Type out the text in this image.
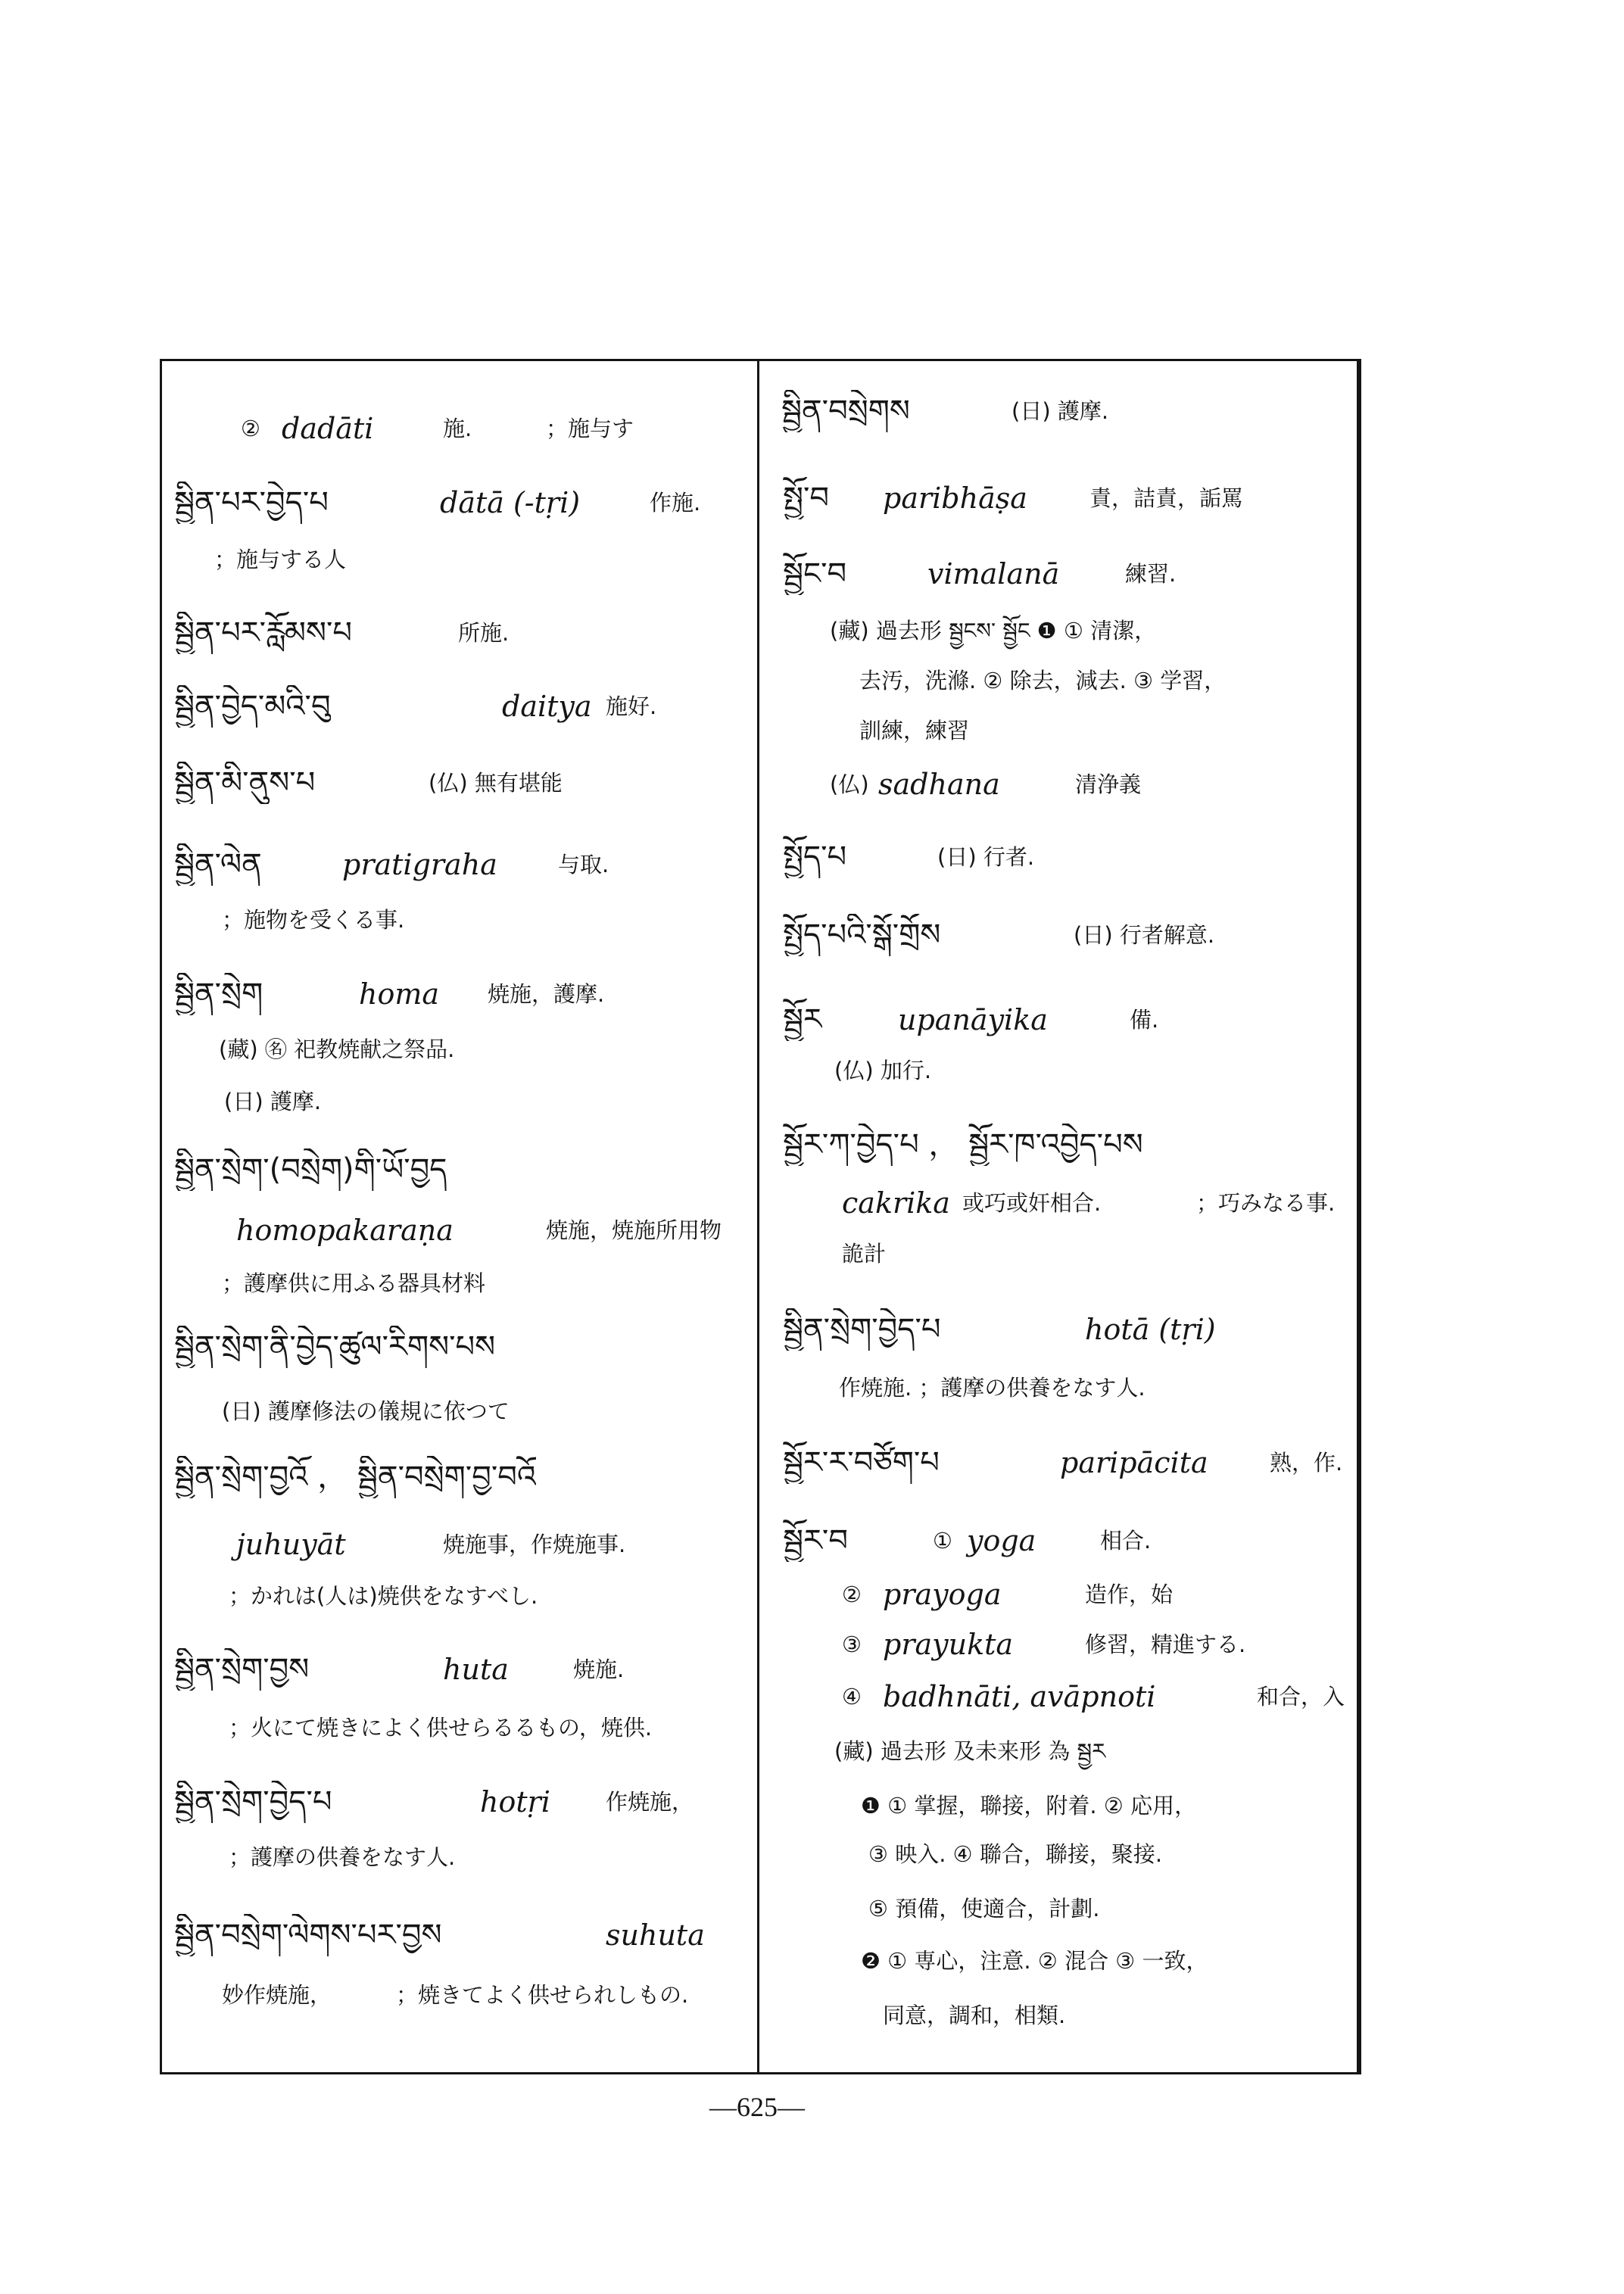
② dadāti	施.	；施与す
སྦྱིན་པར་བྱེད་པ	dātā (-tṛi)	作施.
；施与する人
སྦྱིན་པར་རློམས་པ	所施.
སྦྱིན་བྱེད་མའི་བུ	daitya 施好.
སྦྱིན་མི་ནུས་པ	(仏) 無有堪能
སྦྱིན་ལེན	pratigraha	与取.
；施物を受くる事.
སྦྱིན་སྲེག	homa 焼施，護摩.
(藏) ㊔ 祀教焼献之祭品.
(日) 護摩.
སྦྱིན་སྲེག་(བསྲེག)གི་ཡོ་བྱད
homopakaraṇa	焼施，焼施所用物
；護摩供に用ふる器具材料
སྦྱིན་སྲེག་ནི་བྱེད་ཚུལ་རིགས་པས
(日) 護摩修法の儀規に依つて
སྦྱིན་སྲེག་བྱའོ ， སྦྱིན་བསྲེག་བྱ་བའོ
juhuyāt	焼施事，作焼施事.
；かれは(人は)焼供をなすべし.
སྦྱིན་སྲེག་བྱས	huta	焼施.
；火にて焼きによく供せらるるもの，焼供.
སྦྱིན་སྲེག་བྱེད་པ	hotṛi	作焼施，
；護摩の供養をなす人.
སྦྱིན་བསྲེག་ལེགས་པར་བྱས	suhuta
妙作焼施，	；焼きてよく供せられしもの.
སྦྱིན་བསྲེགས	(日) 護摩.
སྤྱོ་བ paribhāṣa	責，詰責，詬罵
སྦྱོང་བ	vimalanā	練習.
(藏) 過去形 སྦྱངས་ སྦྱོང ❶ ① 清潔，
去汚，洗滌. ② 除去，減去. ③ 学習，
訓練，練習
(仏) sadhana	清浄義
སྤྱོད་པ	(日) 行者.
སྤྱོད་པའི་སྒོ་གྲོས	(日) 行者解意.
སྦྱོར	upanāyika	備.
(仏) 加行.
སྦྱོར་ཀ་བྱེད་པ ， སྦྱོར་ཁ་འབྱེད་པས
cakrika 或巧或奸相合.	；巧みなる事.
詭計
སྦྱིན་སྲེག་བྱེད་པ	hotā (tṛi)
作焼施. ；護摩の供養をなす人.
སྦྱོར་ར་བཙོག་པ	paripācita	熟，作.
སྦྱོར་བ	① yoga	相合.
② prayoga	造作，始
③ prayukta	修習，精進する.
④ badhnāti, avāpnoti	和合，入
(藏) 過去形 及未来形 為 སྦྱར
❶ ① 掌握，聯接，附着. ② 応用，
③ 映入. ④ 聯合，聯接，聚接.
⑤ 預備，使適合，計劃.
❷ ① 専心，注意. ② 混合 ③ 一致，
同意，調和，相類.
—625—
